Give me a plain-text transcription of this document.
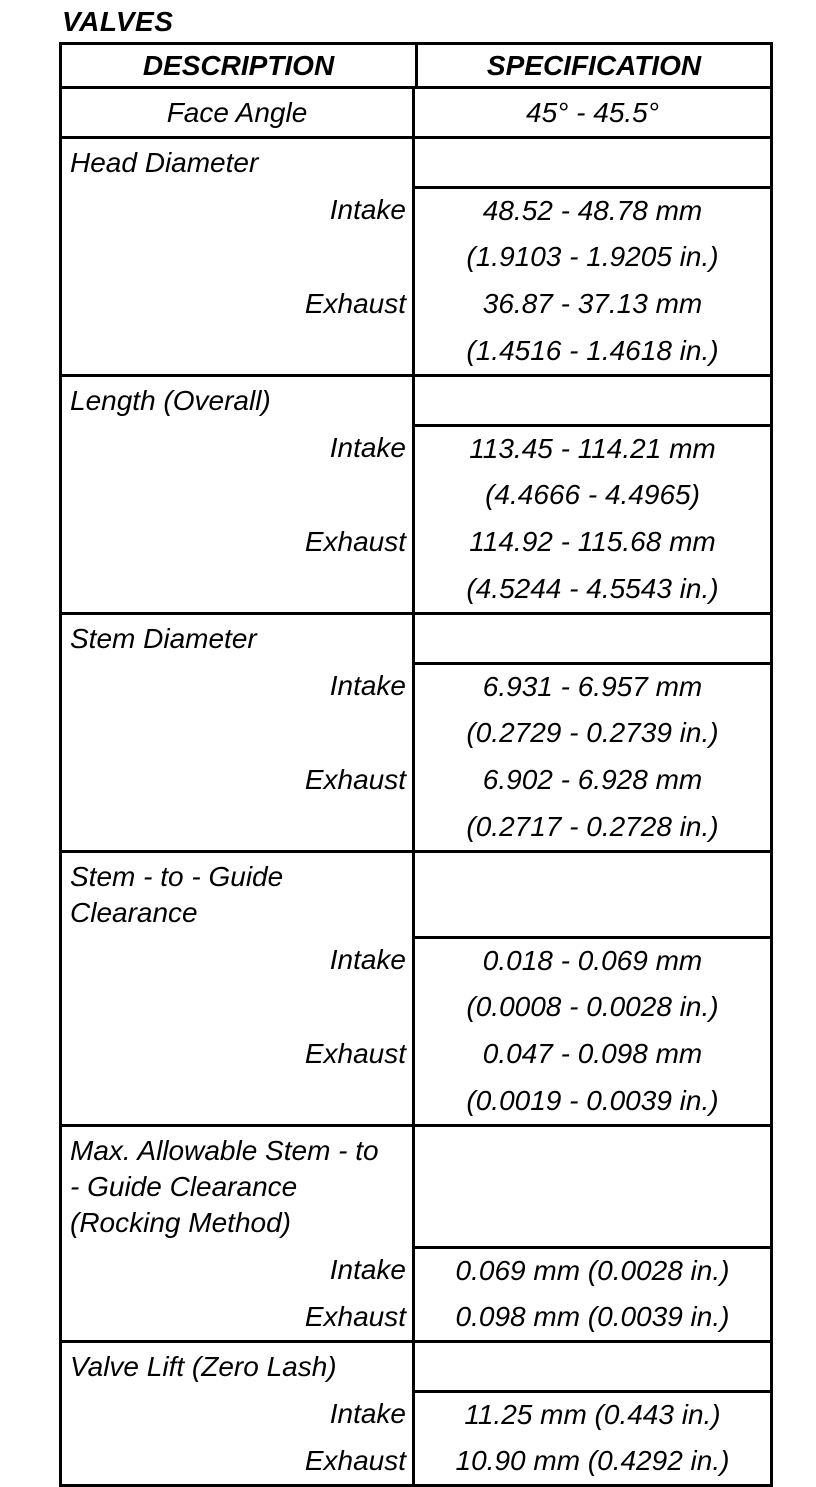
VALVES
DESCRIPTION	SPECIFICATION
Face Angle	45° - 45.5°
Head Diameter
Intake	48.52 - 48.78 mm
(1.9103 - 1.9205 in.)
Exhaust	36.87 - 37.13 mm
(1.4516 - 1.4618 in.)
Length (Overall)
Intake	113.45 - 114.21 mm
(4.4666 - 4.4965)
Exhaust	114.92 - 115.68 mm
(4.5244 - 4.5543 in.)
Stem Diameter
Intake	6.931 - 6.957 mm
(0.2729 - 0.2739 in.)
Exhaust	6.902 - 6.928 mm
(0.2717 - 0.2728 in.)
Stem - to - Guide
Clearance
Intake	0.018 - 0.069 mm
(0.0008 - 0.0028 in.)
Exhaust	0.047 - 0.098 mm
(0.0019 - 0.0039 in.)
Max. Allowable Stem - to
- Guide Clearance
(Rocking Method)
Intake	0.069 mm (0.0028 in.)
Exhaust	0.098 mm (0.0039 in.)
Valve Lift (Zero Lash)
Intake	11.25 mm (0.443 in.)
Exhaust	10.90 mm (0.4292 in.)
